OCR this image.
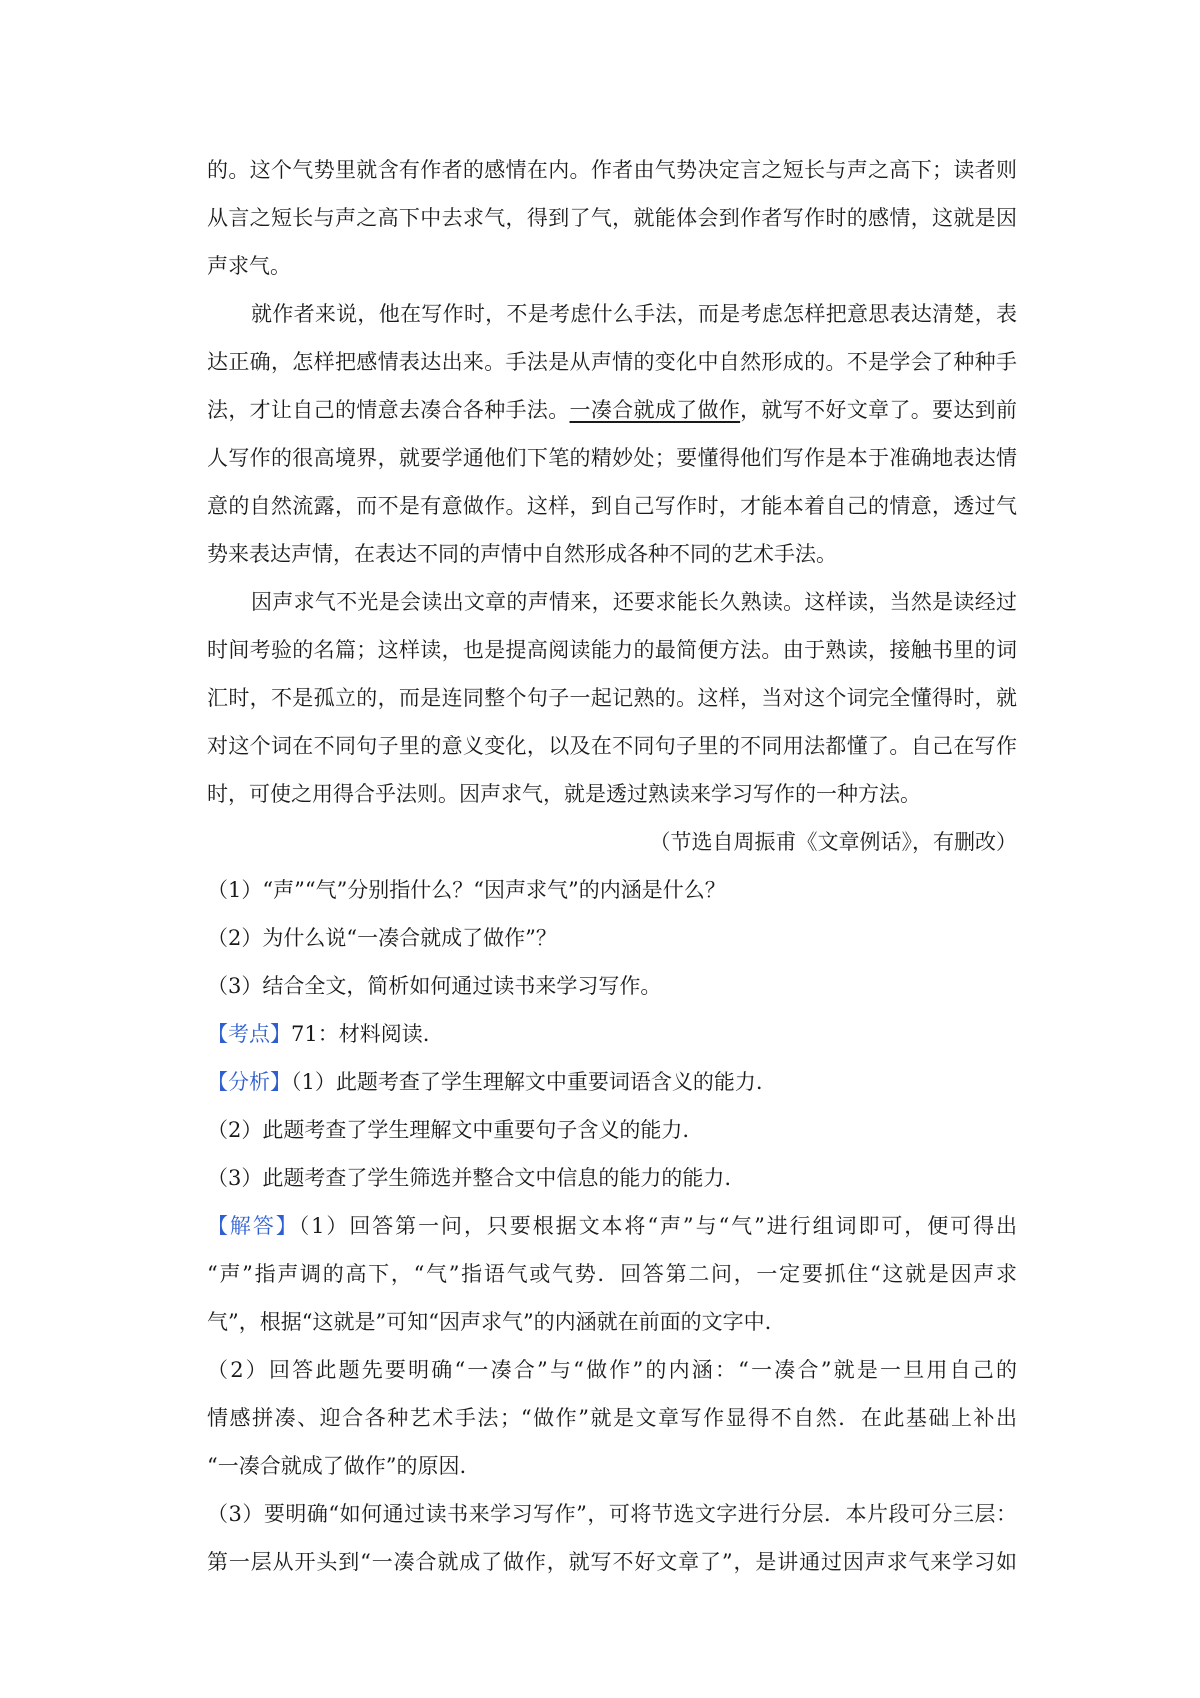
的。这个气势里就含有作者的感情在内。作者由气势决定言之短长与声之高下；读者则
从言之短长与声之高下中去求气，得到了气，就能体会到作者写作时的感情，这就是因
声求气。
就作者来说，他在写作时，不是考虑什么手法，而是考虑怎样把意思表达清楚，表
达正确，怎样把感情表达出来。手法是从声情的变化中自然形成的。不是学会了种种手
法，才让自己的情意去凑合各种手法。一凑合就成了做作，就写不好文章了。要达到前
人写作的很高境界，就要学通他们下笔的精妙处；要懂得他们写作是本于准确地表达情
意的自然流露，而不是有意做作。这样，到自己写作时，才能本着自己的情意，透过气
势来表达声情，在表达不同的声情中自然形成各种不同的艺术手法。
因声求气不光是会读出文章的声情来，还要求能长久熟读。这样读，当然是读经过
时间考验的名篇；这样读，也是提高阅读能力的最简便方法。由于熟读，接触书里的词
汇时，不是孤立的，而是连同整个句子一起记熟的。这样，当对这个词完全懂得时，就
对这个词在不同句子里的意义变化，以及在不同句子里的不同用法都懂了。自己在写作
时，可使之用得合乎法则。因声求气，就是透过熟读来学习写作的一种方法。
（节选自周振甫《文章例话》，有删改）
（1）“声”“气”分别指什么？“因声求气”的内涵是什么？
（2）为什么说“一凑合就成了做作”？
（3）结合全文，简析如何通过读书来学习写作。
【考点】71：材料阅读.
【分析】（1）此题考查了学生理解文中重要词语含义的能力.
（2）此题考查了学生理解文中重要句子含义的能力.
（3）此题考查了学生筛选并整合文中信息的能力的能力.
【解答】（1）回答第一问，只要根据文本将“声”与“气”进行组词即可，便可得出
“声”指声调的高下，“气”指语气或气势．回答第二问，一定要抓住“这就是因声求
气”，根据“这就是”可知“因声求气”的内涵就在前面的文字中.
（2）回答此题先要明确“一凑合”与“做作”的内涵：“一凑合”就是一旦用自己的
情感拼凑、迎合各种艺术手法；“做作”就是文章写作显得不自然．在此基础上补出
“一凑合就成了做作”的原因.
（3）要明确“如何通过读书来学习写作”，可将节选文字进行分层．本片段可分三层：
第一层从开头到“一凑合就成了做作，就写不好文章了”，是讲通过因声求气来学习如
